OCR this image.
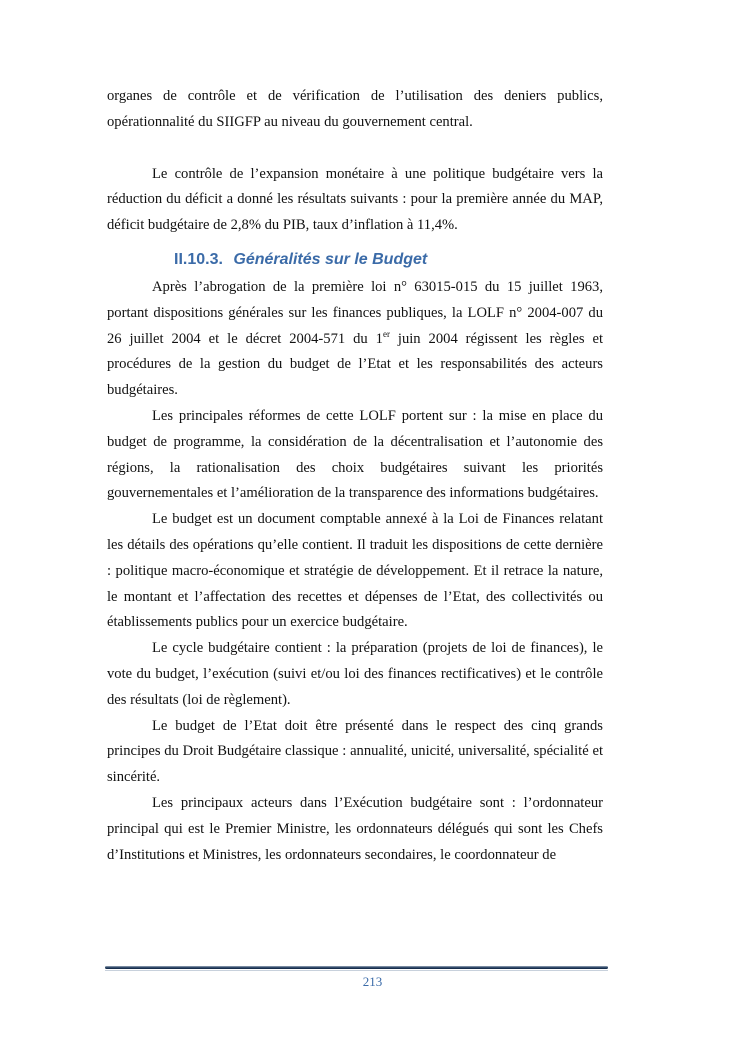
organes de contrôle et de vérification de l’utilisation des deniers publics, opérationnalité du SIIGFP au niveau du gouvernement central.

Le contrôle de l’expansion monétaire à une politique budgétaire vers la réduction du déficit a donné les résultats suivants : pour la première année du MAP, déficit budgétaire de 2,8% du PIB, taux d’inflation à 11,4%.

II.10.3. Généralités sur le Budget

Après l’abrogation de la première loi n° 63015-015 du 15 juillet 1963, portant dispositions générales sur les finances publiques, la LOLF n° 2004-007 du 26 juillet 2004 et le décret 2004-571 du 1er juin 2004 régissent les règles et procédures de la gestion du budget de l’Etat et les responsabilités des acteurs budgétaires.

Les principales réformes de cette LOLF portent sur : la mise en place du budget de programme, la considération de la décentralisation et l’autonomie des régions, la rationalisation des choix budgétaires suivant les priorités gouvernementales et l’amélioration de la transparence des informations budgétaires.

Le budget est un document comptable annexé à la Loi de Finances relatant les détails des opérations qu’elle contient. Il traduit les dispositions de cette dernière : politique macro-économique et stratégie de développement. Et il retrace la nature, le montant et l’affectation des recettes et dépenses de l’Etat, des collectivités ou établissements publics pour un exercice budgétaire.

Le cycle budgétaire contient : la préparation (projets de loi de finances), le vote du budget, l’exécution (suivi et/ou loi des finances rectificatives) et le contrôle des résultats (loi de règlement).

Le budget de l’Etat doit être présenté dans le respect des cinq grands principes du Droit Budgétaire classique : annualité, unicité, universalité, spécialité et sincérité.

Les principaux acteurs dans l’Exécution budgétaire sont : l’ordonnateur principal qui est le Premier Ministre, les ordonnateurs délégués qui sont les Chefs d’Institutions et Ministres, les ordonnateurs secondaires, le coordonnateur de

213
